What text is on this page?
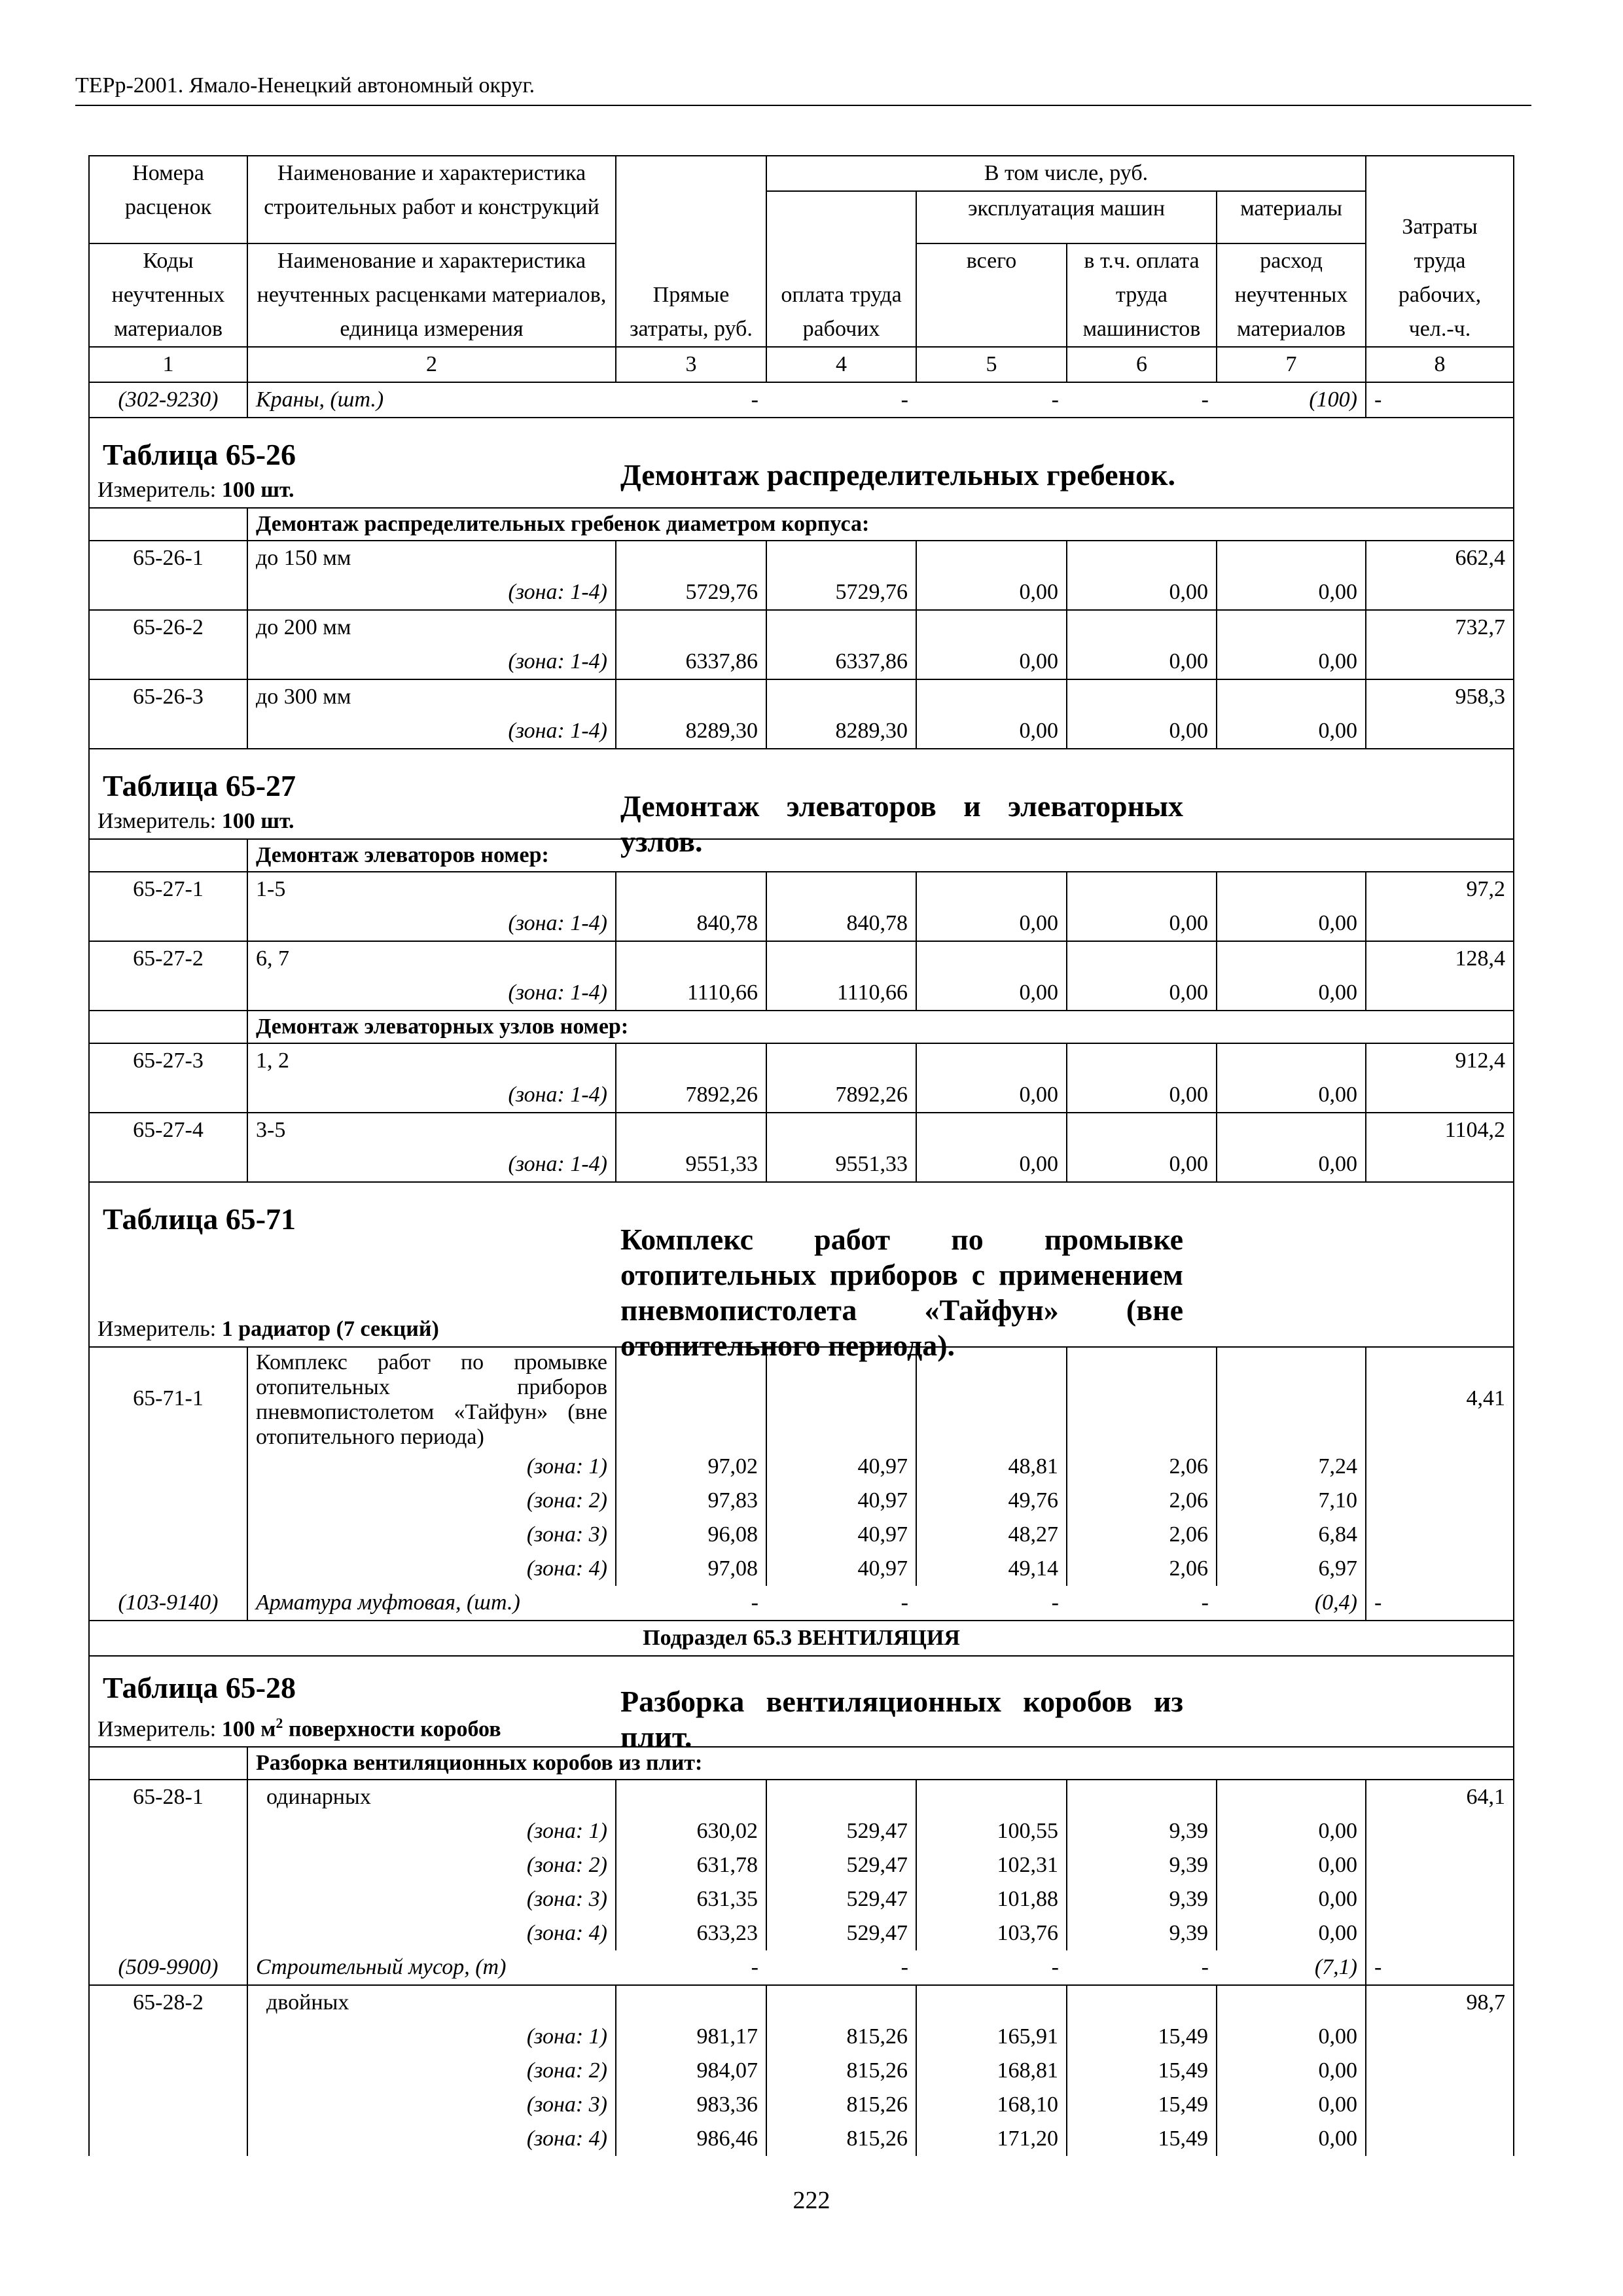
ТЕРр-2001. Ямало-Ненецкий автономный округ.
Номера расценок	Наименование и характеристика строительных работ и конструкций	Прямые затраты, руб.	В том числе, руб.				Затраты труда рабочих, чел.-ч.
			оплата труда рабочих	эксплуатация машин		материалы	
Коды неучтенных материалов	Наименование и характеристика неучтенных расценками материалов, единица измерения			всего	в т.ч. оплата труда машинистов	расход неучтенных материалов	
1	2	3	4	5	6	7	8
(302-9230)	Краны, (шт.)	-	-	-	-	(100)	-

Таблица 65-26
Демонтаж распределительных гребенок.							

Измеритель: 100 шт.							
	Демонтаж распределительных гребенок диаметром корпуса:						
65-26-1	до 150 мм						662,4
	(зона: 1-4)	5729,76	5729,76	0,00	0,00	0,00	
65-26-2	до 200 мм						732,7
	(зона: 1-4)	6337,86	6337,86	0,00	0,00	0,00	
65-26-3	до 300 мм						958,3
	(зона: 1-4)	8289,30	8289,30	0,00	0,00	0,00	

Таблица 65-27
Демонтаж элеваторов и элеваторных узлов.							

Измеритель: 100 шт.							
	Демонтаж элеваторов номер:						
65-27-1	1-5						97,2
	(зона: 1-4)	840,78	840,78	0,00	0,00	0,00	
65-27-2	6, 7						128,4
	(зона: 1-4)	1110,66	1110,66	0,00	0,00	0,00	
	Демонтаж элеваторных узлов номер:						
65-27-3	1, 2						912,4
	(зона: 1-4)	7892,26	7892,26	0,00	0,00	0,00	
65-27-4	3-5						1104,2
	(зона: 1-4)	9551,33	9551,33	0,00	0,00	0,00	

Таблица 65-71
Комплекс работ по промывке отопительных приборов с применением пневмопистолета «Тайфун» (вне отопительного периода).							

Измеритель: 1 радиатор (7 секций)							
65-71-1	Комплекс работ по промывке отопительных приборов пневмопистолетом «Тайфун» (вне отопительного периода)						4,41
	(зона: 1)	97,02	40,97	48,81	2,06	7,24	
	(зона: 2)	97,83	40,97	49,76	2,06	7,10	
	(зона: 3)	96,08	40,97	48,27	2,06	6,84	
	(зона: 4)	97,08	40,97	49,14	2,06	6,97	
(103-9140)	Арматура муфтовая, (шт.)	-	-	-	-	(0,4)	-
Подраздел 65.3 ВЕНТИЛЯЦИЯ							

Таблица 65-28 Разборка вентиляционных коробов из плит.							

Измеритель: 100 $м^2$ поверхности коробов							
	Разборка вентиляционных коробов из плит:						
65-28-1	одинарных						64,1
	(зона: 1)	630,02	529,47	100,55	9,39	0,00	
	(зона: 2)	631,78	529,47	102,31	9,39	0,00	
	(зона: 3)	631,35	529,47	101,88	9,39	0,00	
	(зона: 4)	633,23	529,47	103,76	9,39	0,00	
(509-9900)	Строительный мусор, (т)	-	-	-	-	(7,1)	-
65-28-2	двойных						98,7
	(зона: 1)	981,17	815,26	165,91	15,49	0,00	
	(зона: 2)	984,07	815,26	168,81	15,49	0,00	
	(зона: 3)	983,36	815,26	168,10	15,49	0,00	
	(зона: 4)	986,46	815,26	171,20	15,49	0,00	
222
